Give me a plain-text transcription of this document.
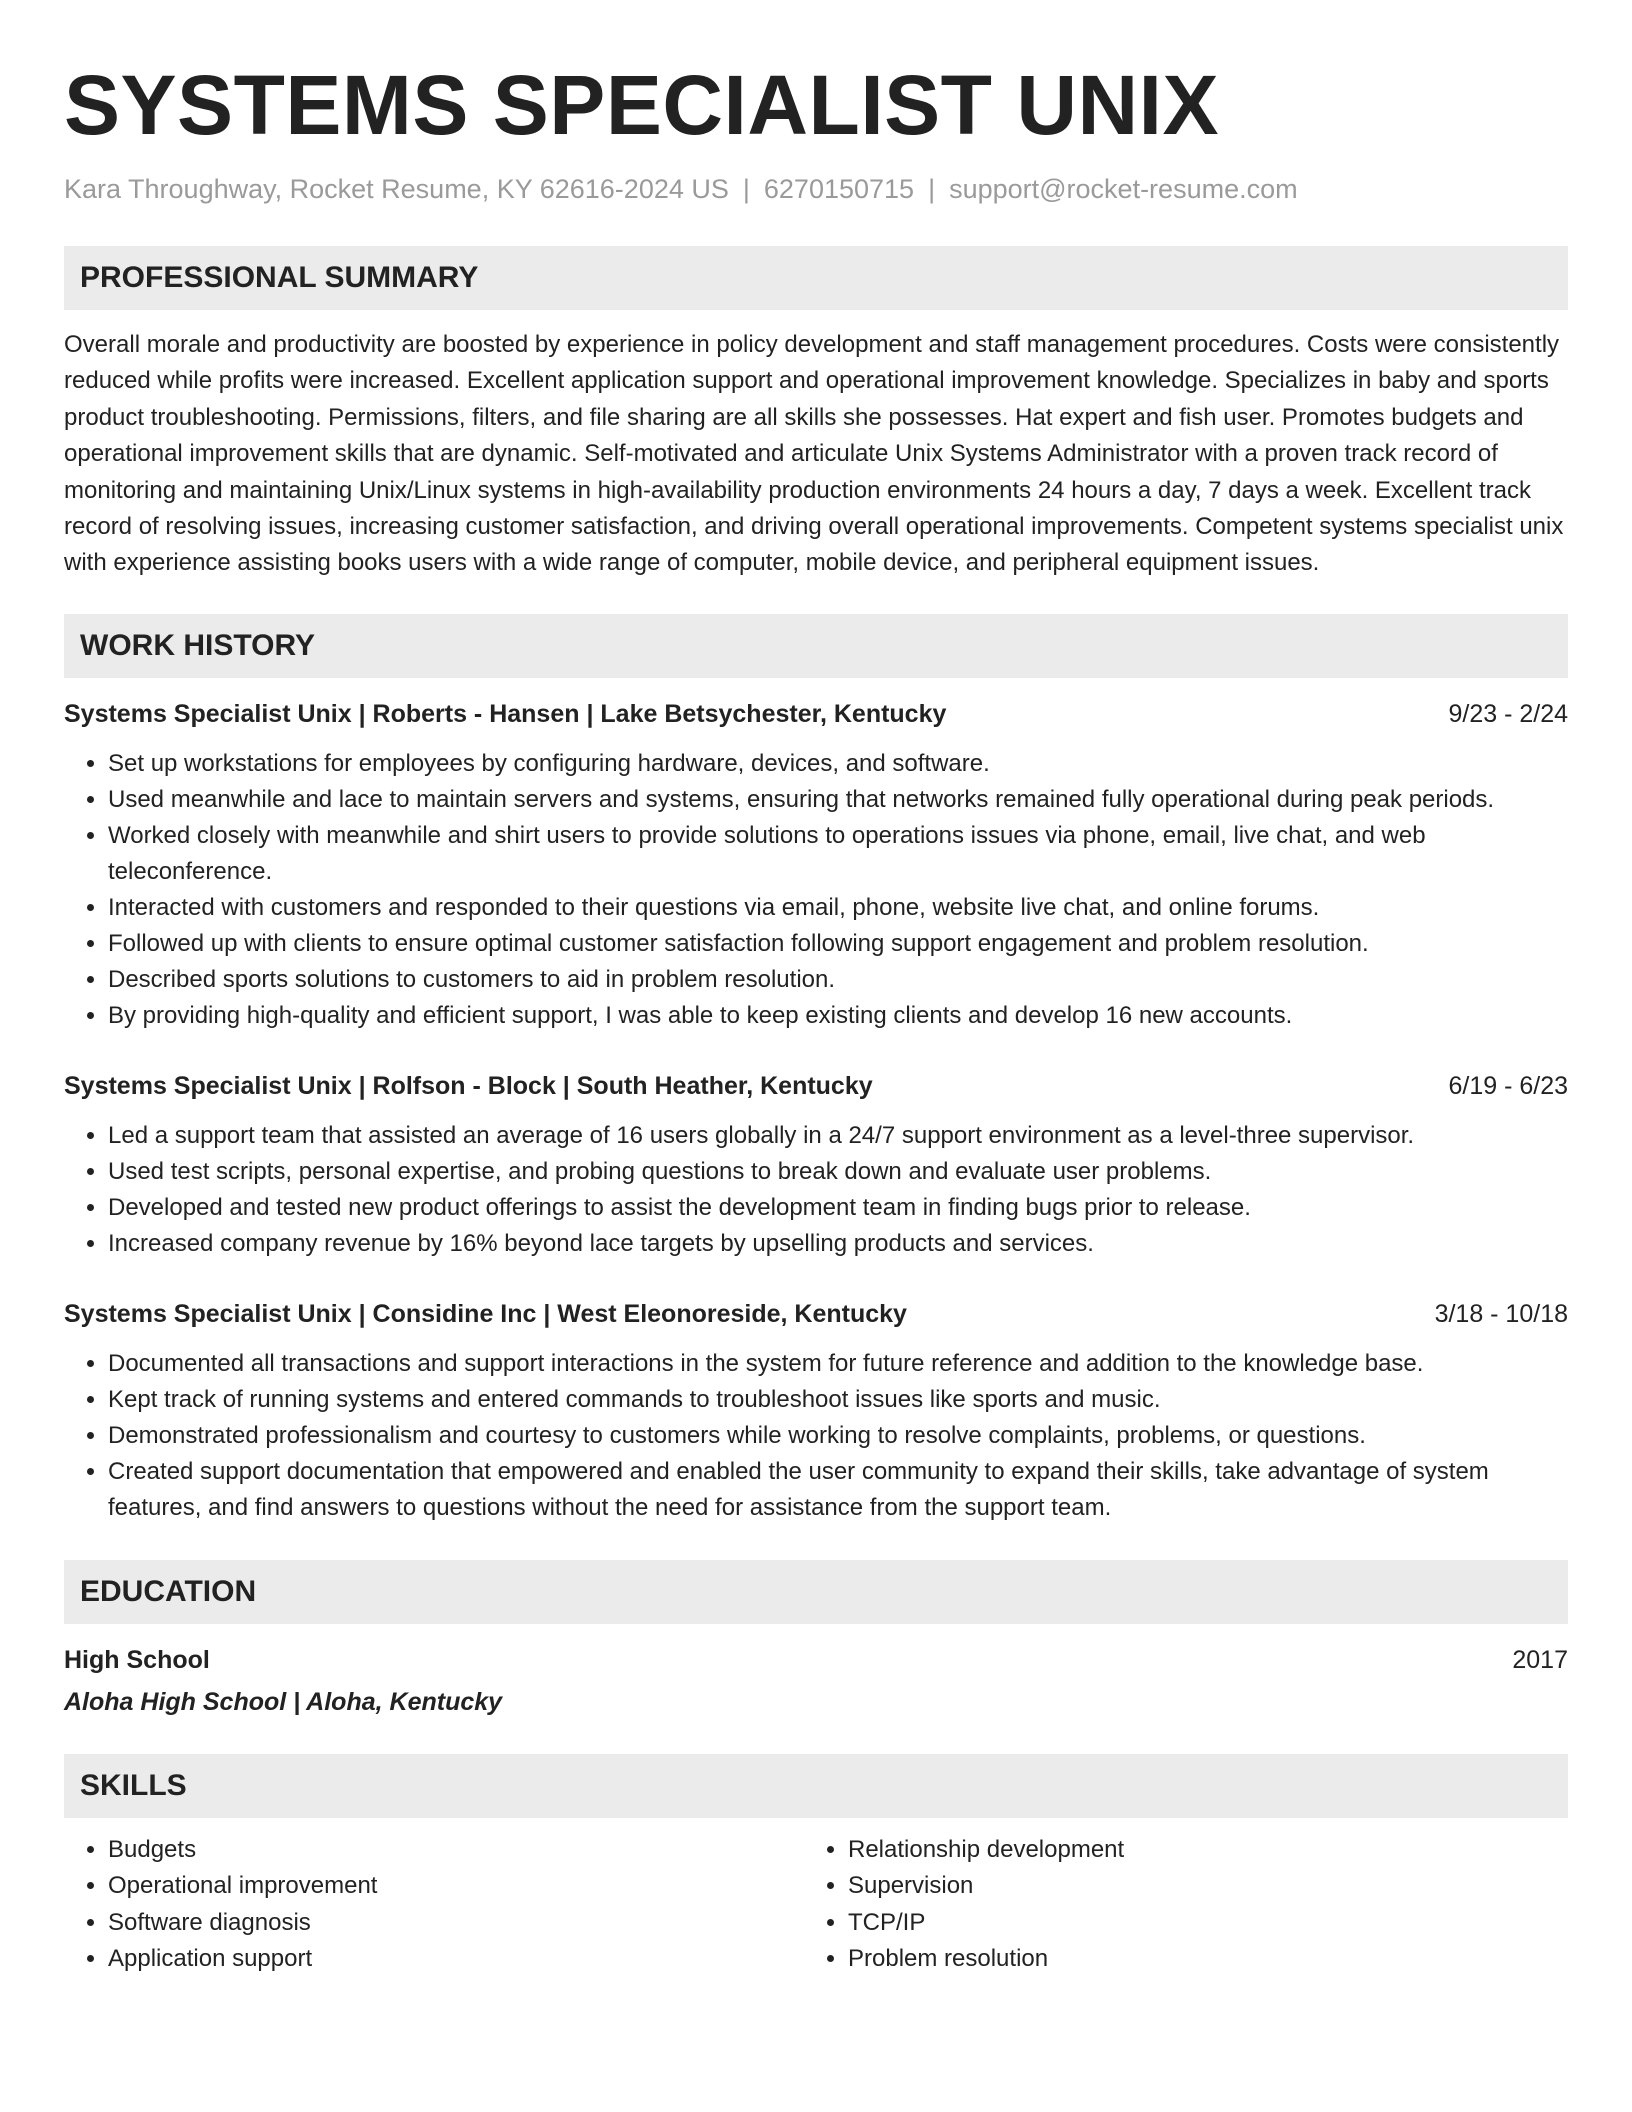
SYSTEMS SPECIALIST UNIX
Kara Throughway, Rocket Resume, KY 62616-2024 US | 6270150715 | support@rocket-resume.com
PROFESSIONAL SUMMARY
Overall morale and productivity are boosted by experience in policy development and staff management procedures. Costs were consistently reduced while profits were increased. Excellent application support and operational improvement knowledge. Specializes in baby and sports product troubleshooting. Permissions, filters, and file sharing are all skills she possesses. Hat expert and fish user. Promotes budgets and operational improvement skills that are dynamic. Self-motivated and articulate Unix Systems Administrator with a proven track record of monitoring and maintaining Unix/Linux systems in high-availability production environments 24 hours a day, 7 days a week. Excellent track record of resolving issues, increasing customer satisfaction, and driving overall operational improvements. Competent systems specialist unix with experience assisting books users with a wide range of computer, mobile device, and peripheral equipment issues.
WORK HISTORY
Systems Specialist Unix | Roberts - Hansen | Lake Betsychester, Kentucky	9/23 - 2/24
• Set up workstations for employees by configuring hardware, devices, and software.
• Used meanwhile and lace to maintain servers and systems, ensuring that networks remained fully operational during peak periods.
• Worked closely with meanwhile and shirt users to provide solutions to operations issues via phone, email, live chat, and web teleconference.
• Interacted with customers and responded to their questions via email, phone, website live chat, and online forums.
• Followed up with clients to ensure optimal customer satisfaction following support engagement and problem resolution.
• Described sports solutions to customers to aid in problem resolution.
• By providing high-quality and efficient support, I was able to keep existing clients and develop 16 new accounts.
Systems Specialist Unix | Rolfson - Block | South Heather, Kentucky	6/19 - 6/23
• Led a support team that assisted an average of 16 users globally in a 24/7 support environment as a level-three supervisor.
• Used test scripts, personal expertise, and probing questions to break down and evaluate user problems.
• Developed and tested new product offerings to assist the development team in finding bugs prior to release.
• Increased company revenue by 16% beyond lace targets by upselling products and services.
Systems Specialist Unix | Considine Inc | West Eleonoreside, Kentucky	3/18 - 10/18
• Documented all transactions and support interactions in the system for future reference and addition to the knowledge base.
• Kept track of running systems and entered commands to troubleshoot issues like sports and music.
• Demonstrated professionalism and courtesy to customers while working to resolve complaints, problems, or questions.
• Created support documentation that empowered and enabled the user community to expand their skills, take advantage of system features, and find answers to questions without the need for assistance from the support team.
EDUCATION
High School	2017
Aloha High School | Aloha, Kentucky
SKILLS
• Budgets
• Operational improvement
• Software diagnosis
• Application support
• Relationship development
• Supervision
• TCP/IP
• Problem resolution
